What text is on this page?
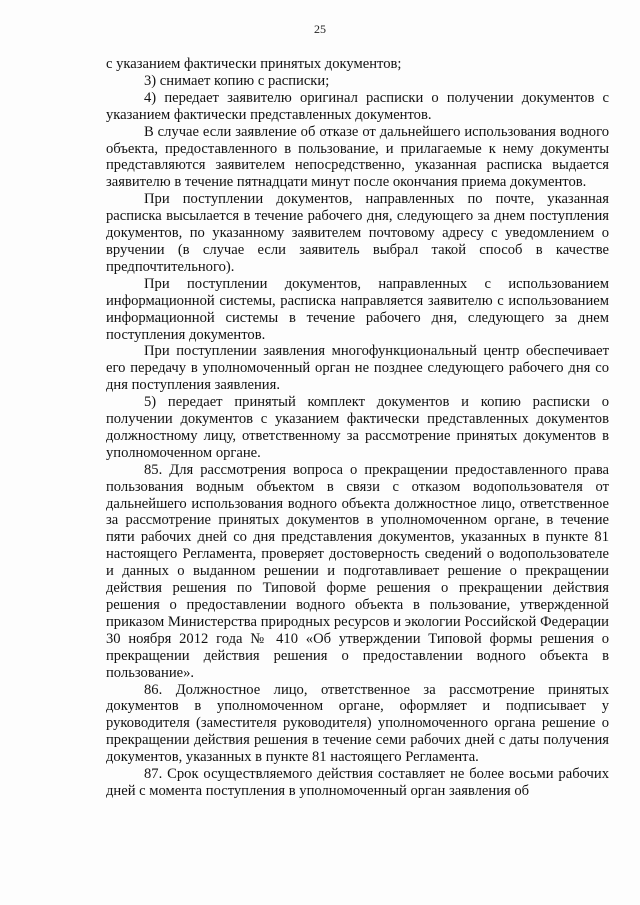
25

с указанием фактически принятых документов;

3) снимает копию с расписки;

4) передает заявителю оригинал расписки о получении документов с указанием фактически представленных документов.

В случае если заявление об отказе от дальнейшего использования водного объекта, предоставленного в пользование, и прилагаемые к нему документы представляются заявителем непосредственно, указанная расписка выдается заявителю в течение пятнадцати минут после окончания приема документов.

При поступлении документов, направленных по почте, указанная расписка высылается в течение рабочего дня, следующего за днем поступления документов, по указанному заявителем почтовому адресу с уведомлением о вручении (в случае если заявитель выбрал такой способ в качестве предпочтительного).

При поступлении документов, направленных с использованием информационной системы, расписка направляется заявителю с использованием информационной системы в течение рабочего дня, следующего за днем поступления документов.

При поступлении заявления многофункциональный центр обеспечивает его передачу в уполномоченный орган не позднее следующего рабочего дня со дня поступления заявления.

5) передает принятый комплект документов и копию расписки о получении документов с указанием фактически представленных документов должностному лицу, ответственному за рассмотрение принятых документов в уполномоченном органе.

85. Для рассмотрения вопроса о прекращении предоставленного права пользования водным объектом в связи с отказом водопользователя от дальнейшего использования водного объекта должностное лицо, ответственное за рассмотрение принятых документов в уполномоченном органе, в течение пяти рабочих дней со дня представления документов, указанных в пункте 81 настоящего Регламента, проверяет достоверность сведений о водопользователе и данных о выданном решении и подготавливает решение о прекращении действия решения по Типовой форме решения о прекращении действия решения о предоставлении водного объекта в пользование, утвержденной приказом Министерства природных ресурсов и экологии Российской Федерации 30 ноября 2012 года № 410 «Об утверждении Типовой формы решения о прекращении действия решения о предоставлении водного объекта в пользование».

86. Должностное лицо, ответственное за рассмотрение принятых документов в уполномоченном органе, оформляет и подписывает у руководителя (заместителя руководителя) уполномоченного органа решение о прекращении действия решения в течение семи рабочих дней с даты получения документов, указанных в пункте 81 настоящего Регламента.

87. Срок осуществляемого действия составляет не более восьми рабочих дней с момента поступления в уполномоченный орган заявления об
